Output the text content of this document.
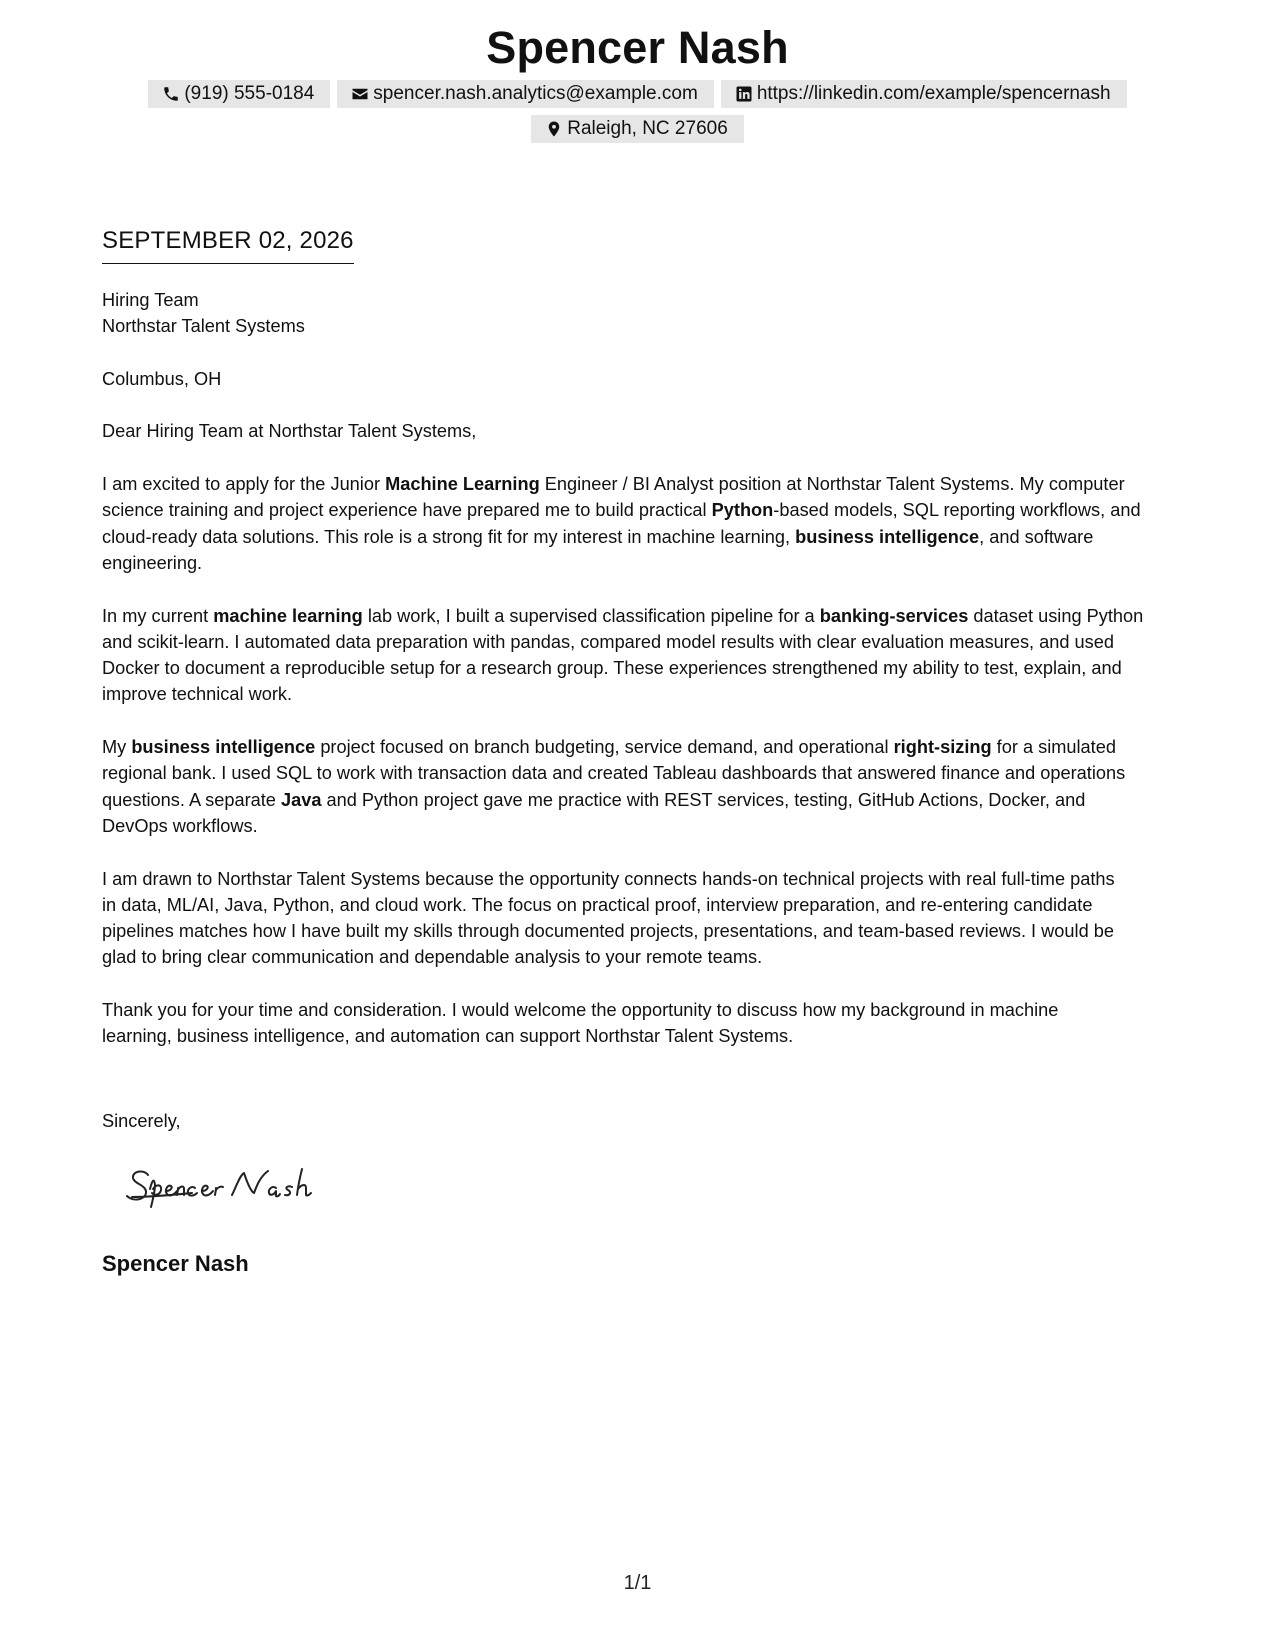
Spencer Nash
(919) 555-0184	spencer.nash.analytics@example.com	https://linkedin.com/example/spencernash
Raleigh, NC 27606
SEPTEMBER 02, 2026
Hiring Team
Northstar Talent Systems
Columbus, OH
Dear Hiring Team at Northstar Talent Systems,
I am excited to apply for the Junior Machine Learning Engineer / BI Analyst position at Northstar Talent Systems. My computer
science training and project experience have prepared me to build practical Python-based models, SQL reporting workflows, and
cloud-ready data solutions. This role is a strong fit for my interest in machine learning, business intelligence, and software
engineering.
In my current machine learning lab work, I built a supervised classification pipeline for a banking-services dataset using Python
and scikit-learn. I automated data preparation with pandas, compared model results with clear evaluation measures, and used
Docker to document a reproducible setup for a research group. These experiences strengthened my ability to test, explain, and
improve technical work.
My business intelligence project focused on branch budgeting, service demand, and operational right-sizing for a simulated
regional bank. I used SQL to work with transaction data and created Tableau dashboards that answered finance and operations
questions. A separate Java and Python project gave me practice with REST services, testing, GitHub Actions, Docker, and
DevOps workflows.
I am drawn to Northstar Talent Systems because the opportunity connects hands-on technical projects with real full-time paths
in data, ML/AI, Java, Python, and cloud work. The focus on practical proof, interview preparation, and re-entering candidate
pipelines matches how I have built my skills through documented projects, presentations, and team-based reviews. I would be
glad to bring clear communication and dependable analysis to your remote teams.
Thank you for your time and consideration. I would welcome the opportunity to discuss how my background in machine
learning, business intelligence, and automation can support Northstar Talent Systems.
Sincerely,
Spencer Nash
1/1
